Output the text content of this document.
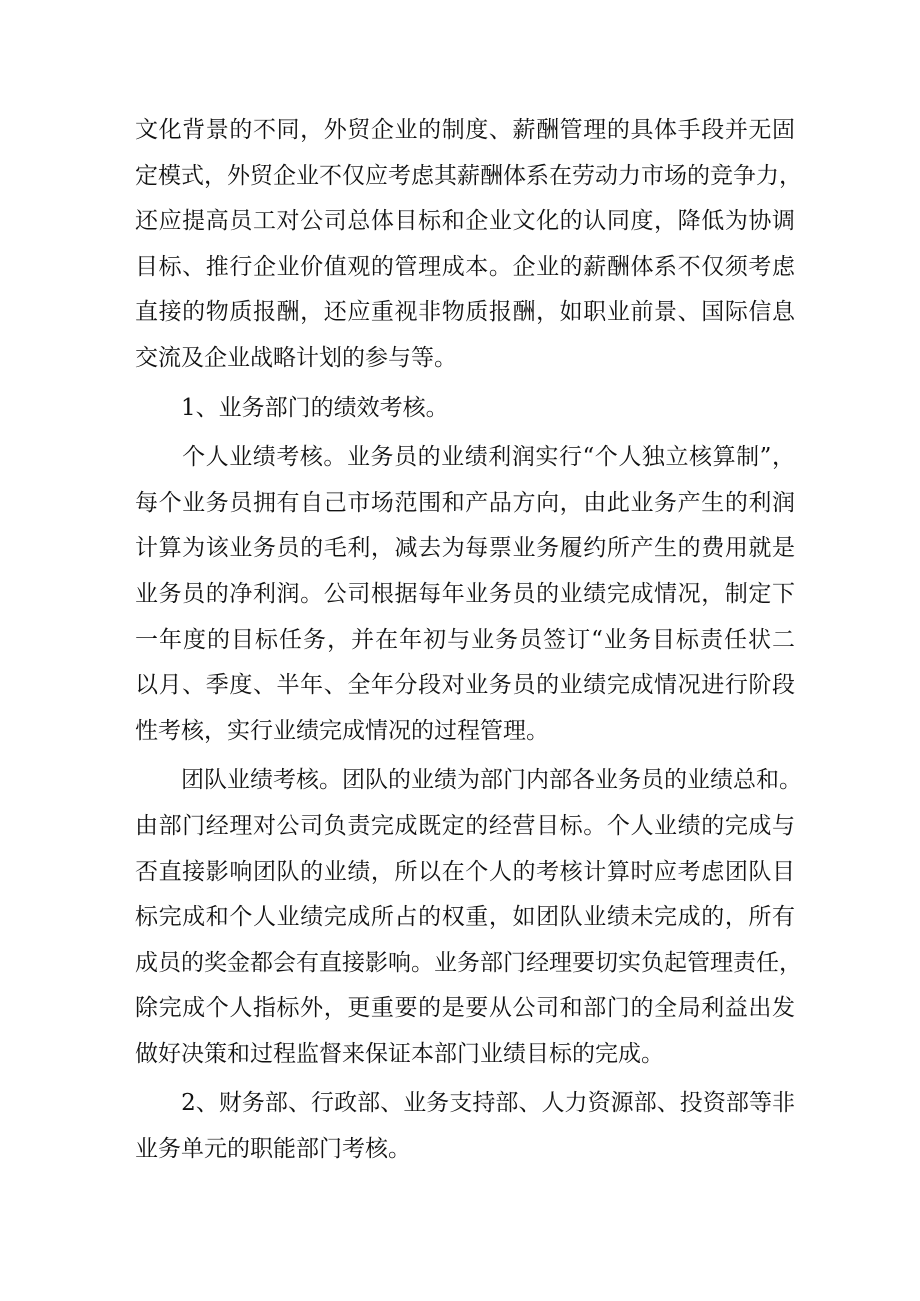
文化背景的不同，外贸企业的制度、薪酬管理的具体手段并无固
定模式，外贸企业不仅应考虑其薪酬体系在劳动力市场的竞争力，
还应提高员工对公司总体目标和企业文化的认同度，降低为协调
目标、推行企业价值观的管理成本。企业的薪酬体系不仅须考虑
直接的物质报酬，还应重视非物质报酬，如职业前景、国际信息
交流及企业战略计划的参与等。
　　1、业务部门的绩效考核。
　　个人业绩考核。业务员的业绩利润实行“个人独立核算制”，
每个业务员拥有自己市场范围和产品方向，由此业务产生的利润
计算为该业务员的毛利，减去为每票业务履约所产生的费用就是
业务员的净利润。公司根据每年业务员的业绩完成情况，制定下
一年度的目标任务，并在年初与业务员签订“业务目标责任状二
以月、季度、半年、全年分段对业务员的业绩完成情况进行阶段
性考核，实行业绩完成情况的过程管理。
　　团队业绩考核。团队的业绩为部门内部各业务员的业绩总和。
由部门经理对公司负责完成既定的经营目标。个人业绩的完成与
否直接影响团队的业绩，所以在个人的考核计算时应考虑团队目
标完成和个人业绩完成所占的权重，如团队业绩未完成的，所有
成员的奖金都会有直接影响。业务部门经理要切实负起管理责任，
除完成个人指标外，更重要的是要从公司和部门的全局利益出发
做好决策和过程监督来保证本部门业绩目标的完成。
　　2、财务部、行政部、业务支持部、人力资源部、投资部等非
业务单元的职能部门考核。
